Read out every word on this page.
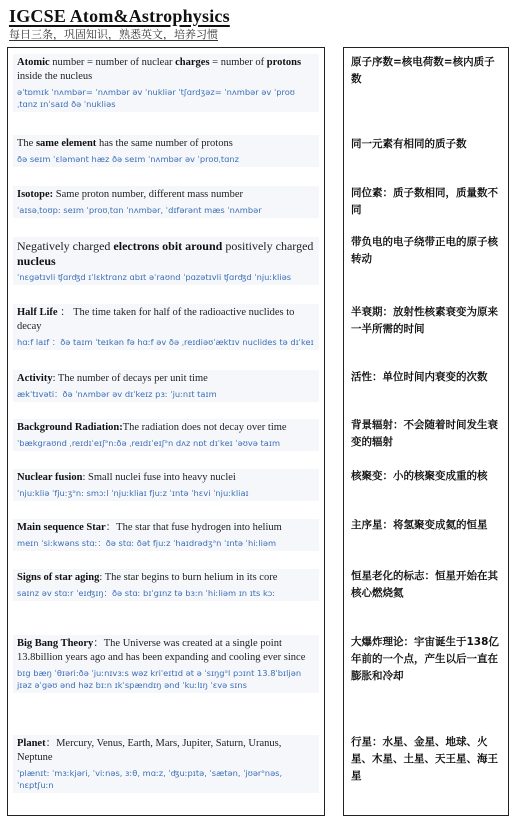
IGCSE Atom&Astrophysics
每日三条，巩固知识，熟悉英文，培养习惯
Atomic number = number of nuclear charges = number of protons inside the nucleus
əˈtɒmɪk ˈnʌmbər= ˈnʌmbər əv ˈnukliər ˈtʃɑrdʒəz= ˈnʌmbər əv ˈproʊˌtɑnz ɪnˈsaɪd ðə ˈnukliəs
The same element has the same number of protons
ðə seɪm ˈɛləmənt hæz ðə seɪm ˈnʌmbər əv ˈproʊˌtɑnz
Isotope: Same proton number, different mass number
ˈaɪsəˌtoʊp: seɪm ˈproʊˌtɑn ˈnʌmbər, ˈdɪfərənt mæs ˈnʌmbər
Negatively charged electrons obit around positively charged nucleus
ˈnɛgətɪvli ʧɑrʤd ɪˈlɛktrɑnz ɑbɪt əˈraʊnd ˈpɑzətɪvli ʧɑrʤd ˈnjuːkliəs
Half Life ： The time taken for half of the radioactive nuclides to decay
hɑːf laɪf ：ðə taɪm ˈteɪkən fə hɑːf əv ðə ˌreɪdiəʊˈæktɪv nuclides tə dɪˈkeɪ
Activity: The number of decays per unit time
ækˈtɪvəti：ðə ˈnʌmbər əv dɪˈkeɪz pɜː ˈjuːnɪt taɪm
Background Radiation:The radiation does not decay over time
ˈbækgraʊnd ˌreɪdɪˈeɪʃᵊn:ðə ˌreɪdɪˈeɪʃᵊn dʌz nɒt dɪˈkeɪ ˈəʊvə taɪm
Nuclear fusion: Small nuclei fuse into heavy nuclei
ˈnjuːkliə ˈfjuːʒᵊn: smɔːl ˈnjuːkliaɪ fjuːz ˈɪntə ˈhɛvi ˈnjuːkliaɪ
Main sequence Star：The star that fuse hydrogen into helium
meɪn ˈsiːkwəns stɑː：ðə stɑː ðət fjuːz ˈhaɪdrədʒᵊn ˈɪntə ˈhiːliəm
Signs of star aging: The star begins to burn helium in its core
saɪnz əv stɑːr ˈeɪʤɪŋ：ðə stɑː bɪˈgɪnz tə bɜːn ˈhiːliəm ɪn ɪts kɔː
Big Bang Theory：The Universe was created at a single point 13.8billion years ago and has been expanding and cooling ever since
bɪg bæŋ ˈθɪəri:ðə ˈjuːnɪvɜːs wəz kriˈeɪtɪd ət ə ˈsɪŋgᵊl pɔɪnt 13.8ˈbɪljən jɪəz əˈgəʊ ənd həz bɪːn ɪkˈspændɪŋ ənd ˈkuːlɪŋ ˈɛvə sɪns
Planet：Mercury, Venus, Earth, Mars, Jupiter, Saturn, Uranus, Neptune
ˈplænɪt: ˈmɜːkjəri, ˈviːnəs, ɜːθ, mɑːz, ˈʤuːpɪtə, ˈsætən, ˈjʊərᵊnəs, ˈnɛptʃuːn
原子序数=核电荷数=核内质子数
同一元素有相同的质子数
同位素：质子数相同，质量数不同
带负电的电子绕带正电的原子核转动
半衰期：放射性核素衰变为原来一半所需的时间
活性：单位时间内衰变的次数
背景辐射：不会随着时间发生衰变的辐射
核聚变：小的核聚变成重的核
主序星：将氢聚变成氦的恒星
恒星老化的标志：恒星开始在其核心燃烧氦
大爆炸理论：宇宙诞生于138亿年前的一个点，产生以后一直在膨胀和冷却
行星：水星、金星、地球、火星、木星、土星、天王星、海王星
